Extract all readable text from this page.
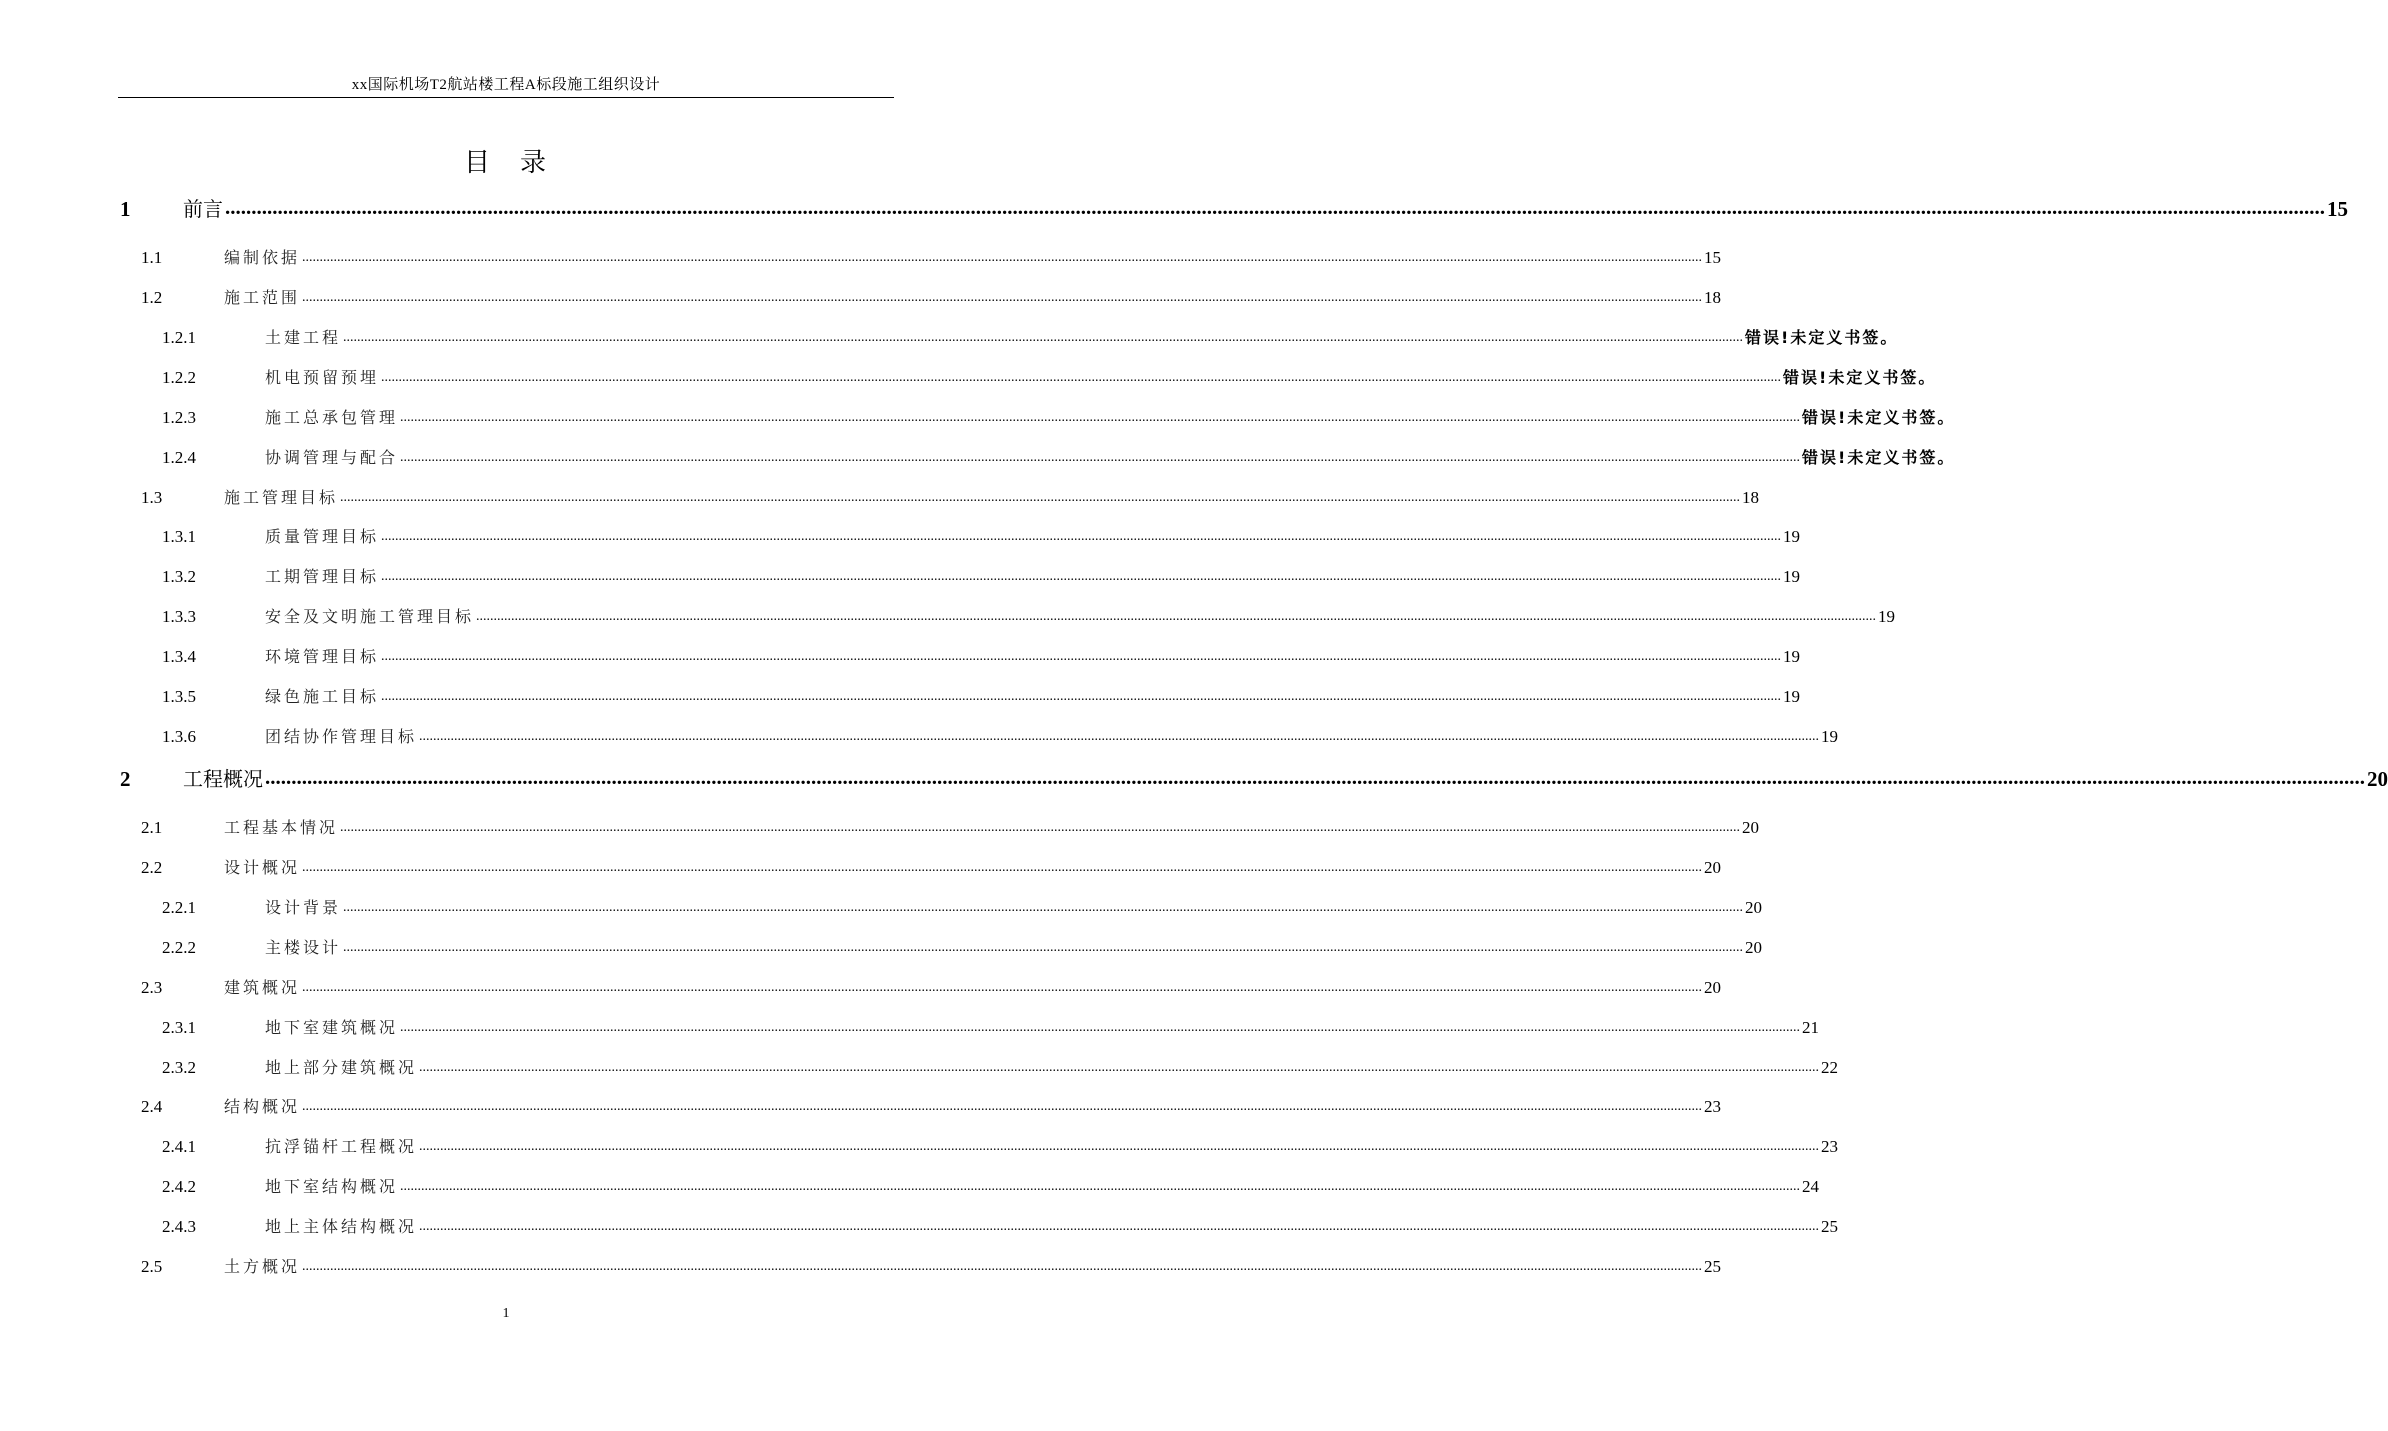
xx国际机场T2航站楼工程A标段施工组织设计
目　录
1	前言 ................................................................................................................................................................................................................................................................................................................................................................................................................ 15
1.1	编制依据 ................................................................................................................................................................................................................................................................................................................................................................................................................ 15
1.2	施工范围 ................................................................................................................................................................................................................................................................................................................................................................................................................ 18
1.2.1	土建工程 ................................................................................................................................................................................................................................................................................................................................................................................................................ 错误!未定义书签。
1.2.2	机电预留预埋 ................................................................................................................................................................................................................................................................................................................................................................................................................ 错误!未定义书签。
1.2.3	施工总承包管理 ................................................................................................................................................................................................................................................................................................................................................................................................................ 错误!未定义书签。
1.2.4	协调管理与配合 ................................................................................................................................................................................................................................................................................................................................................................................................................ 错误!未定义书签。
1.3	施工管理目标 ................................................................................................................................................................................................................................................................................................................................................................................................................ 18
1.3.1	质量管理目标 ................................................................................................................................................................................................................................................................................................................................................................................................................ 19
1.3.2	工期管理目标 ................................................................................................................................................................................................................................................................................................................................................................................................................ 19
1.3.3	安全及文明施工管理目标 ................................................................................................................................................................................................................................................................................................................................................................................................................ 19
1.3.4	环境管理目标 ................................................................................................................................................................................................................................................................................................................................................................................................................ 19
1.3.5	绿色施工目标 ................................................................................................................................................................................................................................................................................................................................................................................................................ 19
1.3.6	团结协作管理目标 ................................................................................................................................................................................................................................................................................................................................................................................................................ 19
2	工程概况 ................................................................................................................................................................................................................................................................................................................................................................................................................ 20
2.1	工程基本情况 ................................................................................................................................................................................................................................................................................................................................................................................................................ 20
2.2	设计概况 ................................................................................................................................................................................................................................................................................................................................................................................................................ 20
2.2.1	设计背景 ................................................................................................................................................................................................................................................................................................................................................................................................................ 20
2.2.2	主楼设计 ................................................................................................................................................................................................................................................................................................................................................................................................................ 20
2.3	建筑概况 ................................................................................................................................................................................................................................................................................................................................................................................................................ 20
2.3.1	地下室建筑概况 ................................................................................................................................................................................................................................................................................................................................................................................................................ 21
2.3.2	地上部分建筑概况 ................................................................................................................................................................................................................................................................................................................................................................................................................ 22
2.4	结构概况 ................................................................................................................................................................................................................................................................................................................................................................................................................ 23
2.4.1	抗浮锚杆工程概况 ................................................................................................................................................................................................................................................................................................................................................................................................................ 23
2.4.2	地下室结构概况 ................................................................................................................................................................................................................................................................................................................................................................................................................ 24
2.4.3	地上主体结构概况 ................................................................................................................................................................................................................................................................................................................................................................................................................ 25
2.5	土方概况 ................................................................................................................................................................................................................................................................................................................................................................................................................ 25
1
